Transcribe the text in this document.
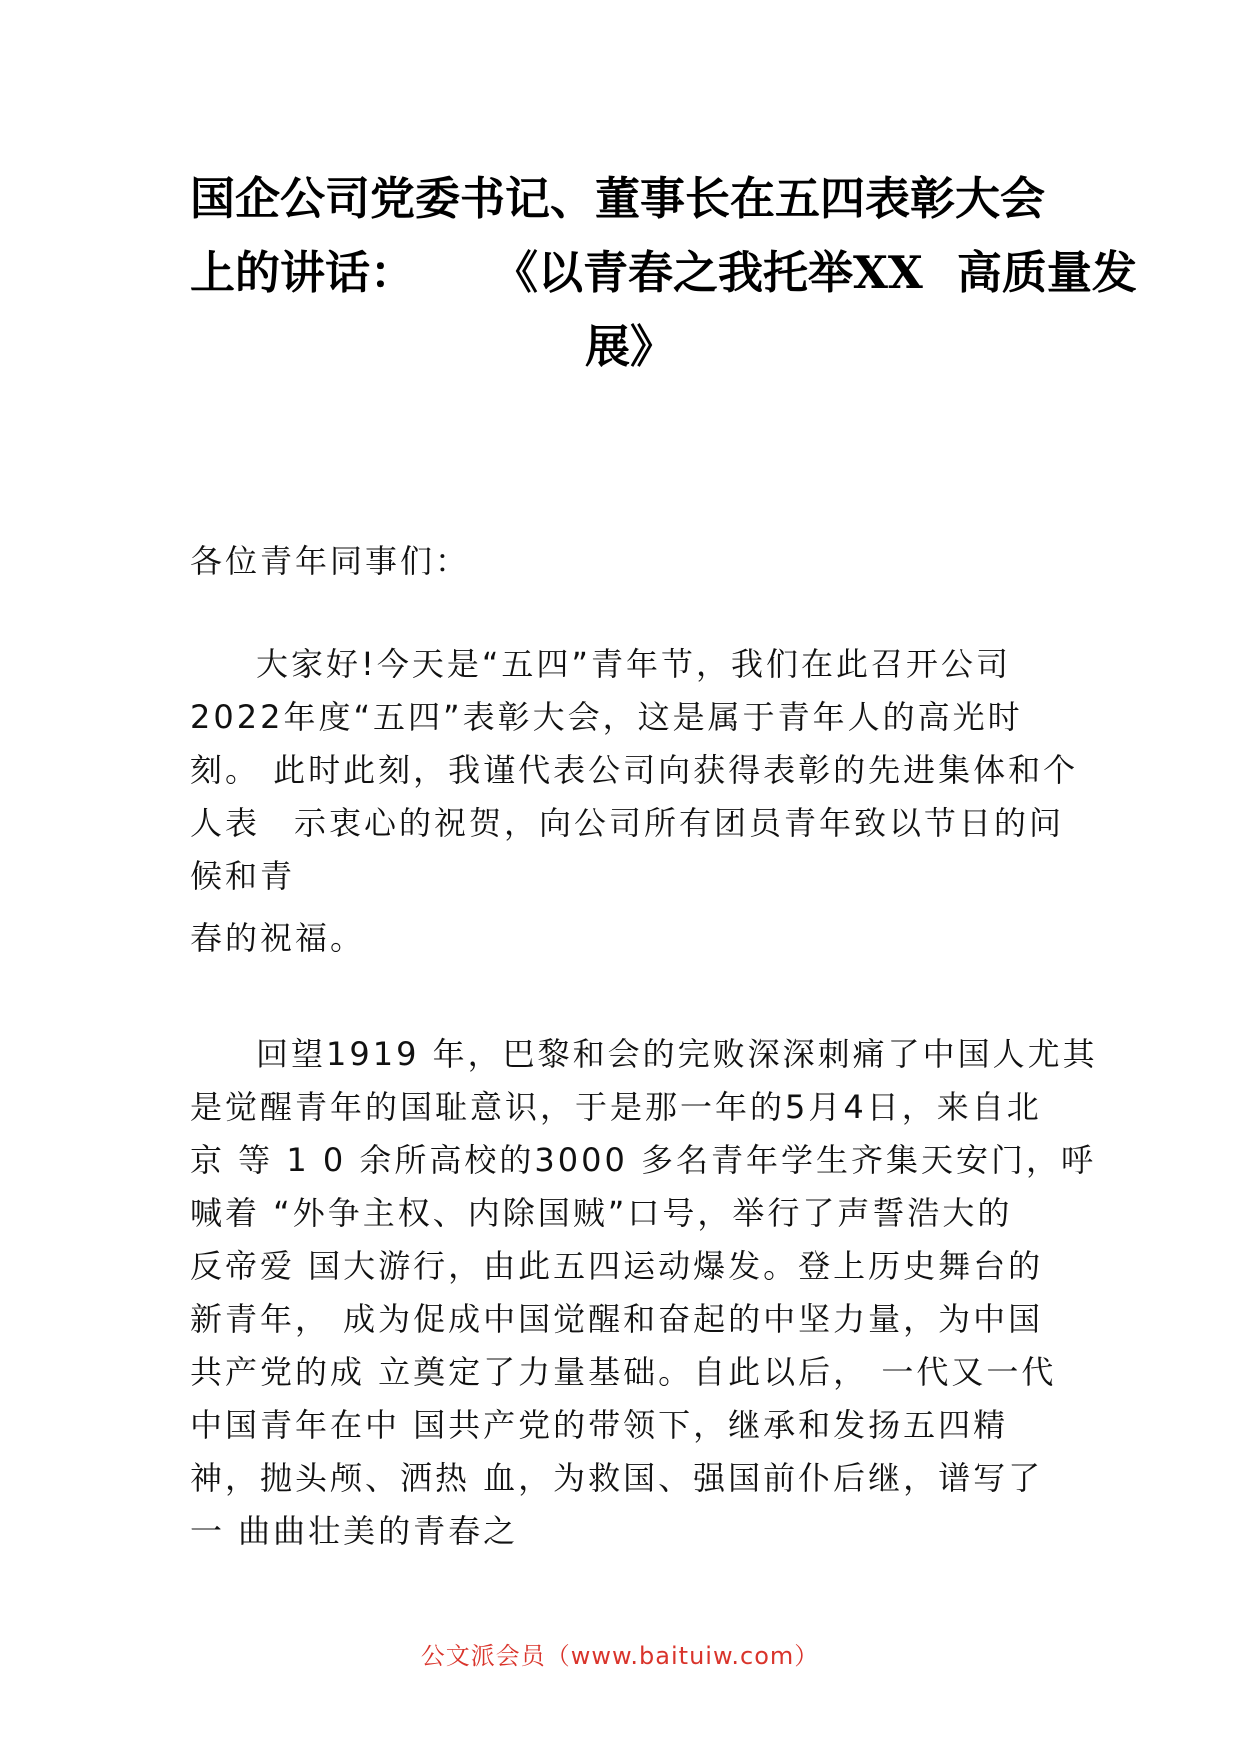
国企公司党委书记、董事长在五四表彰大会
上的讲话： 《以青春之我托举XX 高质量发
展》
各位青年同事们：
大家好!今天是“五四”青年节，我们在此召开公司
2022年度“五四”表彰大会，这是属于青年人的高光时
刻。 此时此刻，我谨代表公司向获得表彰的先进集体和个
人表 示衷心的祝贺，向公司所有团员青年致以节日的问
候和青
春的祝福。
回望1919 年，巴黎和会的完败深深刺痛了中国人尤其
是觉醒青年的国耻意识，于是那一年的5月4日，来自北
京 等 1 0 余所高校的3000 多名青年学生齐集天安门，呼
喊着 “外争主权、内除国贼”口号，举行了声誓浩大的
反帝爱 国大游行，由此五四运动爆发。登上历史舞台的
新青年， 成为促成中国觉醒和奋起的中坚力量，为中国
共产党的成 立奠定了力量基础。自此以后， 一代又一代
中国青年在中 国共产党的带领下，继承和发扬五四精
神，抛头颅、洒热 血，为救国、强国前仆后继，谱写了
一 曲曲壮美的青春之
公文派会员（www.baituiw.com）
